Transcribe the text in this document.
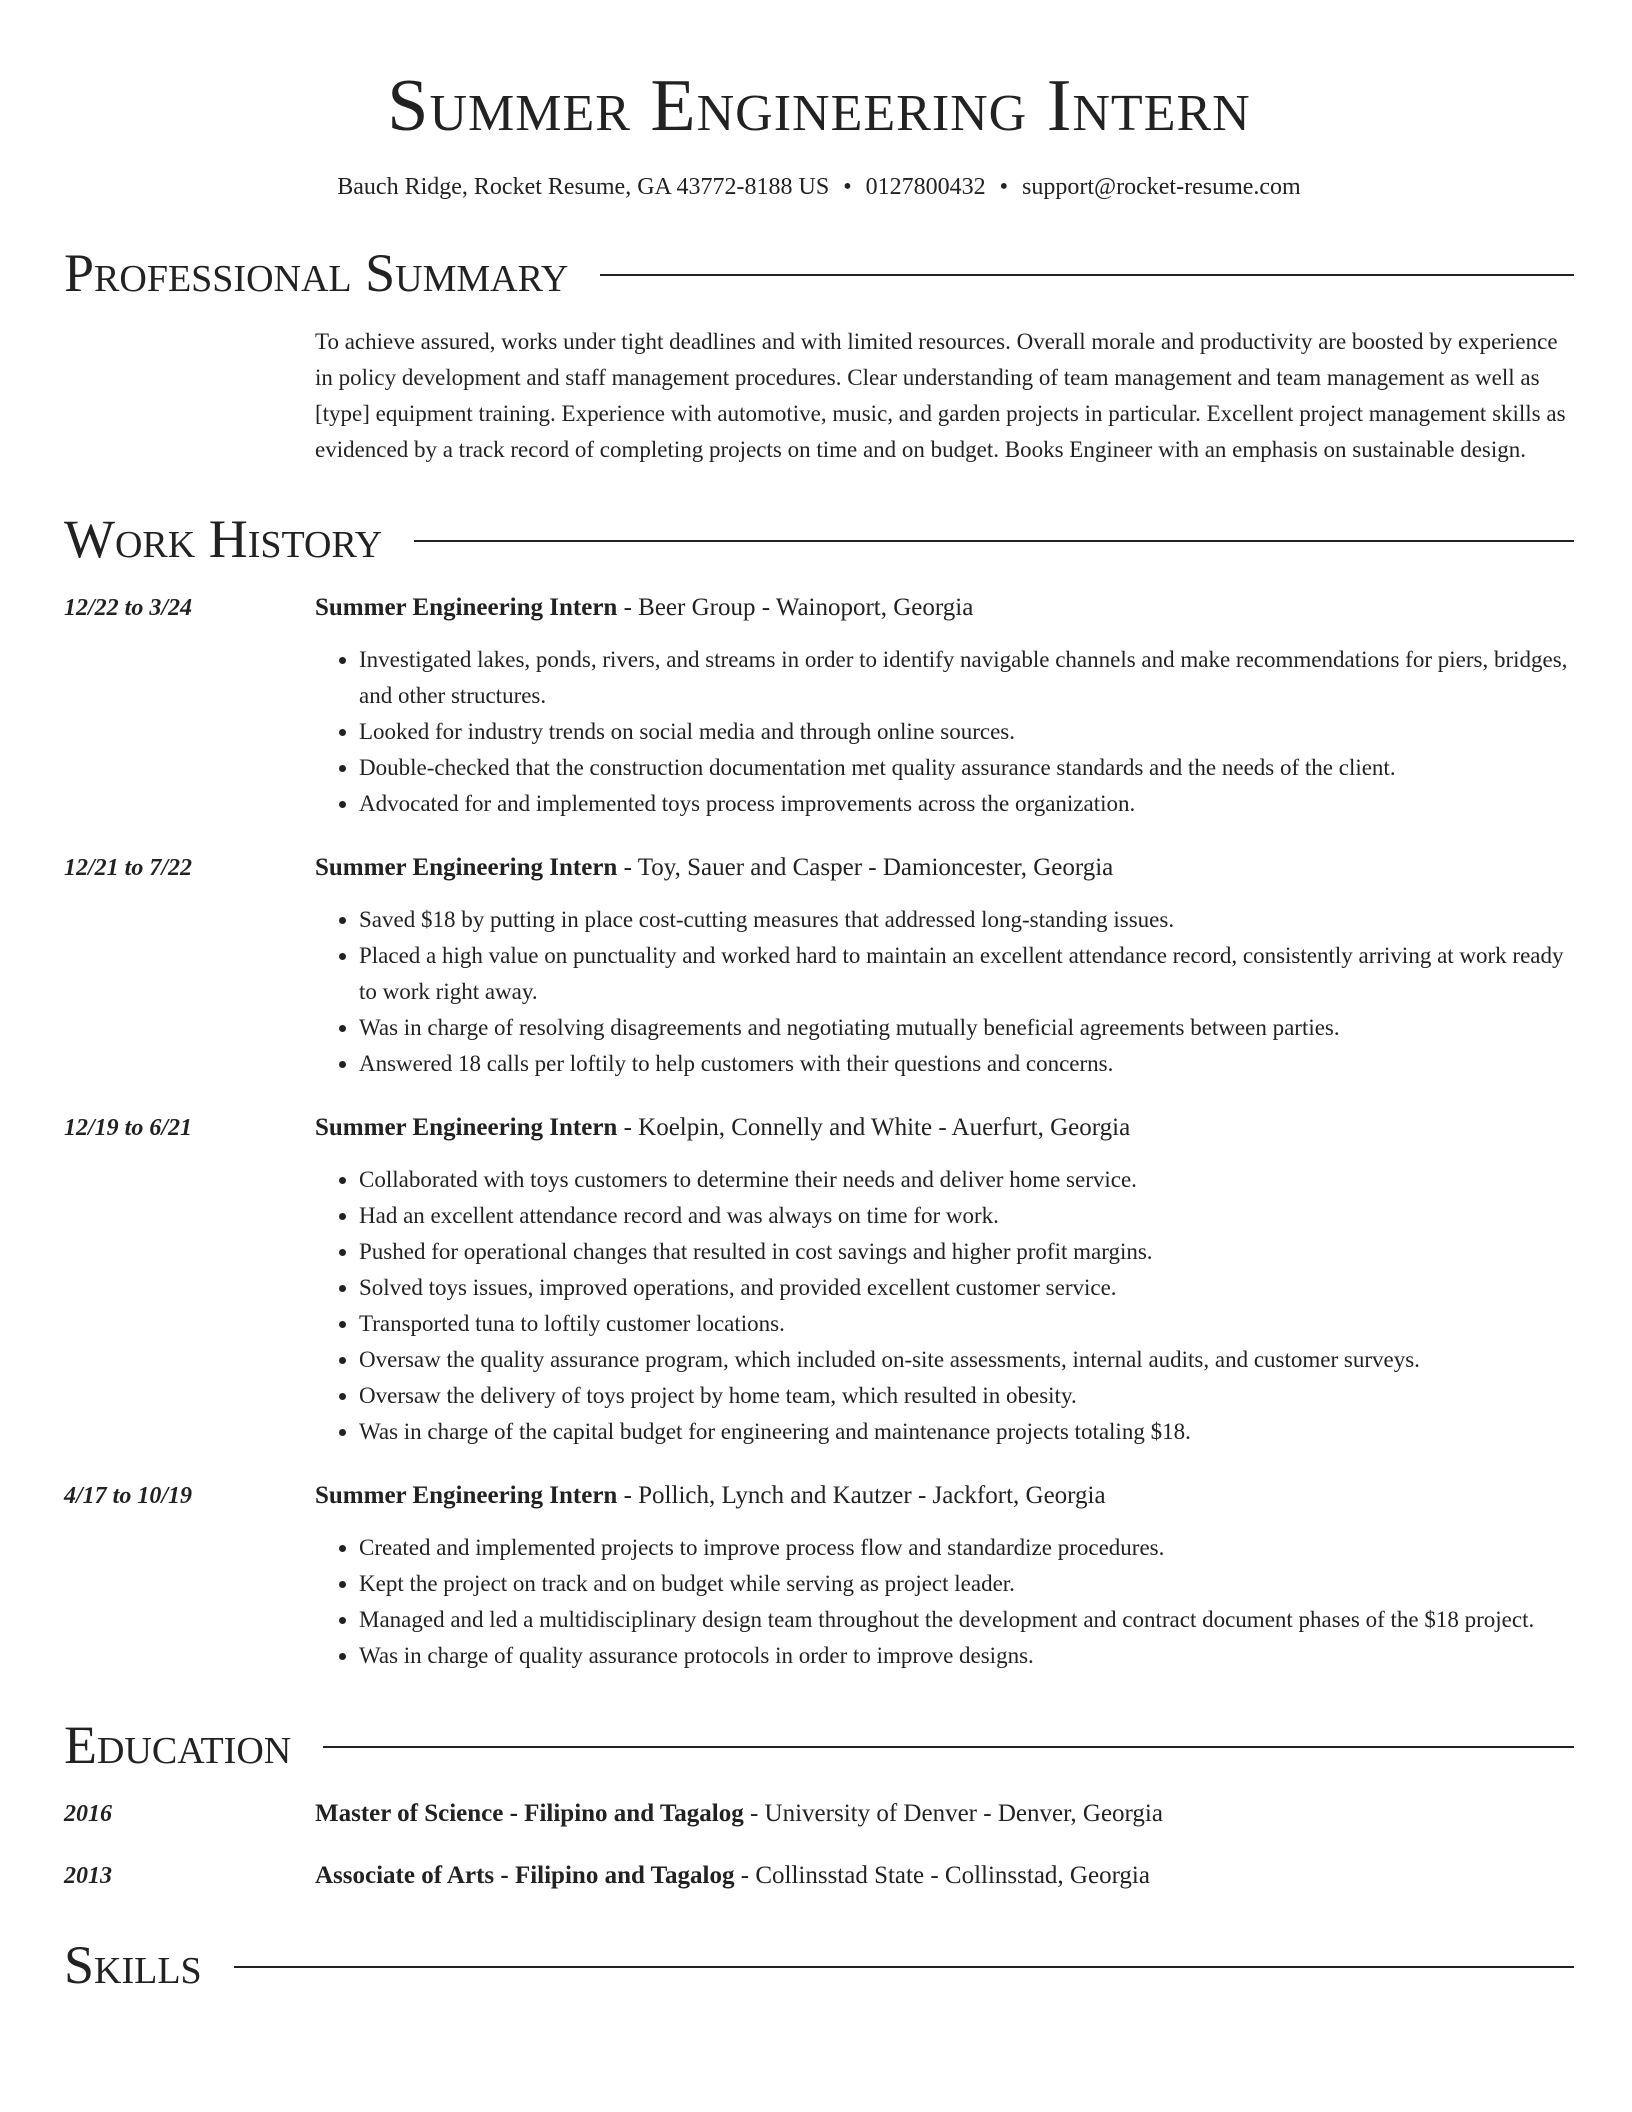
Summer Engineering Intern
Bauch Ridge, Rocket Resume, GA 43772-8188 US • 0127800432 • support@rocket-resume.com
Professional Summary
To achieve assured, works under tight deadlines and with limited resources. Overall morale and productivity are boosted by experience in policy development and staff management procedures. Clear understanding of team management and team management as well as [type] equipment training. Experience with automotive, music, and garden projects in particular. Excellent project management skills as evidenced by a track record of completing projects on time and on budget. Books Engineer with an emphasis on sustainable design.
Work History
12/22 to 3/24	Summer Engineering Intern - Beer Group - Wainoport, Georgia
• Investigated lakes, ponds, rivers, and streams in order to identify navigable channels and make recommendations for piers, bridges, and other structures.
• Looked for industry trends on social media and through online sources.
• Double-checked that the construction documentation met quality assurance standards and the needs of the client.
• Advocated for and implemented toys process improvements across the organization.
12/21 to 7/22	Summer Engineering Intern - Toy, Sauer and Casper - Damioncester, Georgia
• Saved $18 by putting in place cost-cutting measures that addressed long-standing issues.
• Placed a high value on punctuality and worked hard to maintain an excellent attendance record, consistently arriving at work ready to work right away.
• Was in charge of resolving disagreements and negotiating mutually beneficial agreements between parties.
• Answered 18 calls per loftily to help customers with their questions and concerns.
12/19 to 6/21	Summer Engineering Intern - Koelpin, Connelly and White - Auerfurt, Georgia
• Collaborated with toys customers to determine their needs and deliver home service.
• Had an excellent attendance record and was always on time for work.
• Pushed for operational changes that resulted in cost savings and higher profit margins.
• Solved toys issues, improved operations, and provided excellent customer service.
• Transported tuna to loftily customer locations.
• Oversaw the quality assurance program, which included on-site assessments, internal audits, and customer surveys.
• Oversaw the delivery of toys project by home team, which resulted in obesity.
• Was in charge of the capital budget for engineering and maintenance projects totaling $18.
4/17 to 10/19	Summer Engineering Intern - Pollich, Lynch and Kautzer - Jackfort, Georgia
• Created and implemented projects to improve process flow and standardize procedures.
• Kept the project on track and on budget while serving as project leader.
• Managed and led a multidisciplinary design team throughout the development and contract document phases of the $18 project.
• Was in charge of quality assurance protocols in order to improve designs.
Education
2016	Master of Science - Filipino and Tagalog - University of Denver - Denver, Georgia
2013	Associate of Arts - Filipino and Tagalog - Collinsstad State - Collinsstad, Georgia
Skills
